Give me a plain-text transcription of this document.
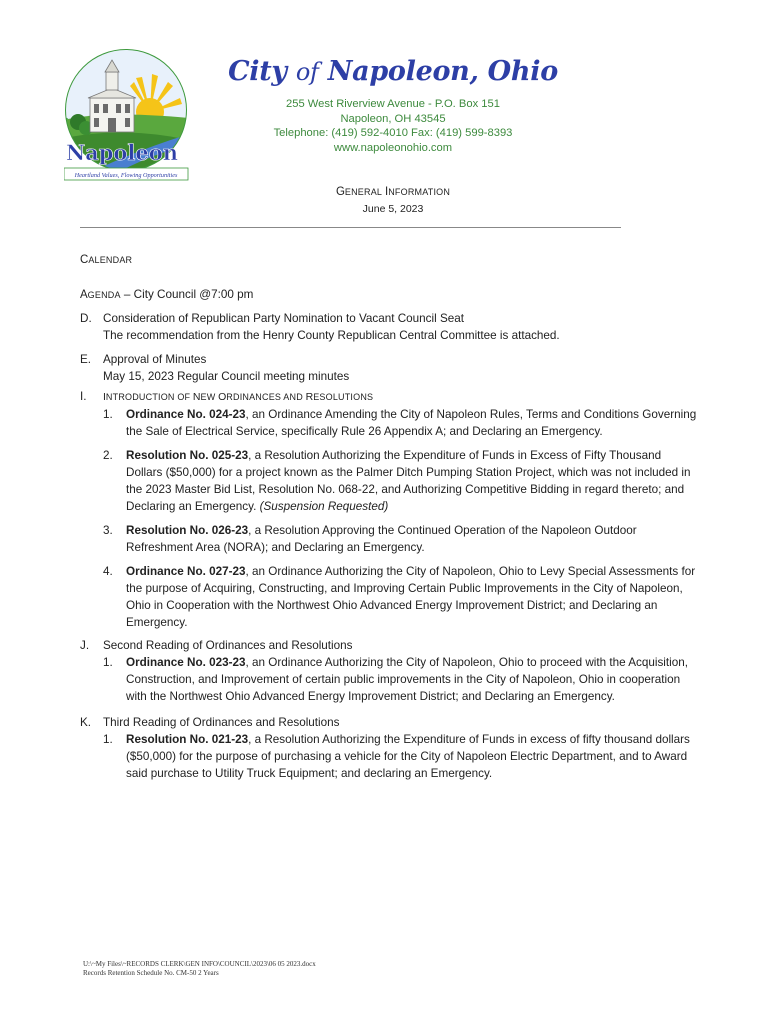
Napoleon
Heartland Values, Flowing Opportunities
City of Napoleon, Ohio
255 West Riverview Avenue - P.O. Box 151
Napoleon, OH 43545
Telephone: (419) 592-4010 Fax: (419) 599-8393
www.napoleonohio.com
GENERAL INFORMATION
June 5, 2023
CALENDAR
AGENDA – City Council @7:00 pm
D. Consideration of Republican Party Nomination to Vacant Council Seat
The recommendation from the Henry County Republican Central Committee is attached.
E.	Approval of Minutes
May 15, 2023 Regular Council meeting minutes
I.	INTRODUCTION OF NEW ORDINANCES AND RESOLUTIONS
1.	Ordinance No. 024-23, an Ordinance Amending the City of Napoleon Rules, Terms and Conditions Governing the Sale of Electrical Service, specifically Rule 26 Appendix A; and Declaring an Emergency.
2.	Resolution No. 025-23, a Resolution Authorizing the Expenditure of Funds in Excess of Fifty Thousand Dollars ($50,000) for a project known as the Palmer Ditch Pumping Station Project, which was not included in the 2023 Master Bid List, Resolution No. 068-22, and Authorizing Competitive Bidding in regard thereto; and Declaring an Emergency. (Suspension Requested)
3.	Resolution No. 026-23, a Resolution Approving the Continued Operation of the Napoleon Outdoor Refreshment Area (NORA); and Declaring an Emergency.
4.	Ordinance No. 027-23, an Ordinance Authorizing the City of Napoleon, Ohio to Levy Special Assessments for the purpose of Acquiring, Constructing, and Improving Certain Public Improvements in the City of Napoleon, Ohio in Cooperation with the Northwest Ohio Advanced Energy Improvement District; and Declaring an Emergency.
J.	Second Reading of Ordinances and Resolutions
1.	Ordinance No. 023-23, an Ordinance Authorizing the City of Napoleon, Ohio to proceed with the Acquisition, Construction, and Improvement of certain public improvements in the City of Napoleon, Ohio in cooperation with the Northwest Ohio Advanced Energy Improvement District; and Declaring an Emergency.
K.	Third Reading of Ordinances and Resolutions
1.	Resolution No. 021-23, a Resolution Authorizing the Expenditure of Funds in excess of fifty thousand dollars ($50,000) for the purpose of purchasing a vehicle for the City of Napoleon Electric Department, and to Award said purchase to Utility Truck Equipment; and declaring an Emergency.
U:\~My Files\~RECORDS CLERK\GEN INFO\COUNCIL\2023\06 05 2023.docx
Records Retention Schedule No. CM-50 2 Years
